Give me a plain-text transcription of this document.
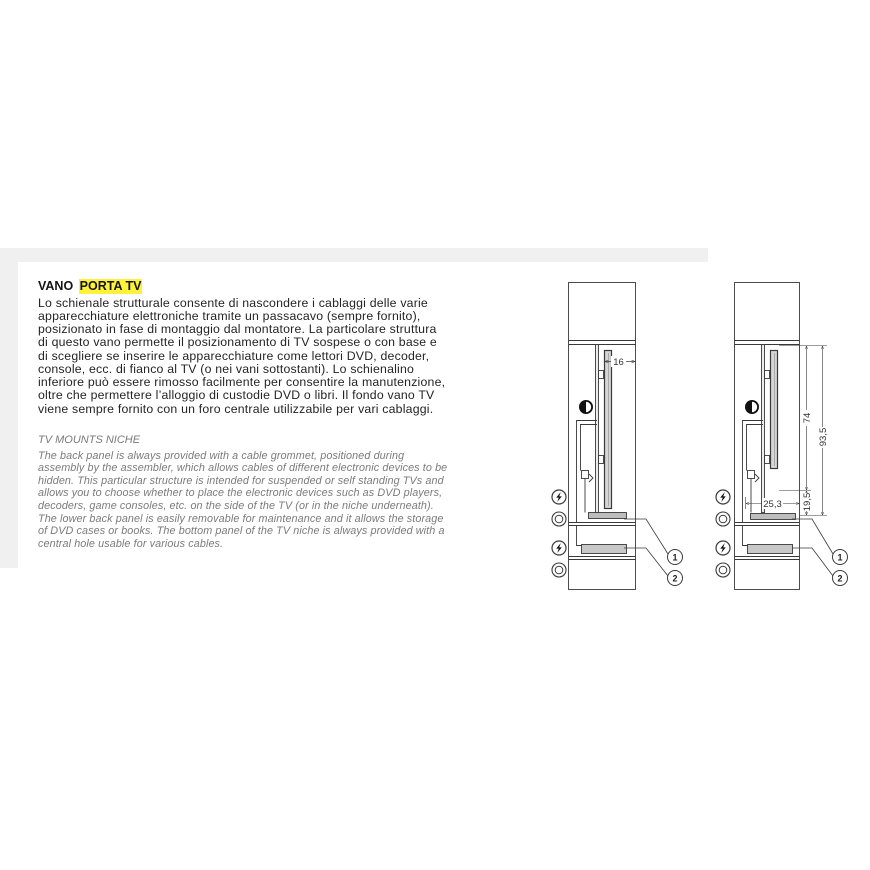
VANO PORTA TV
Lo schienale strutturale consente di nascondere i cablaggi delle varie
apparecchiature elettroniche tramite un passacavo (sempre fornito),
posizionato in fase di montaggio dal montatore. La particolare struttura
di questo vano permette il posizionamento di TV sospese o con base e
di scegliere se inserire le apparecchiature come lettori DVD, decoder,
console, ecc. di fianco al TV (o nei vani sottostanti). Lo schienalino
inferiore può essere rimosso facilmente per consentire la manutenzione,
oltre che permettere l’alloggio di custodie DVD o libri. Il fondo vano TV
viene sempre fornito con un foro centrale utilizzabile per vari cablaggi.
TV MOUNTS NICHE
The back panel is always provided with a cable grommet, positioned during
assembly by the assembler, which allows cables of different electronic devices to be
hidden. This particular structure is intended for suspended or self standing TVs and
allows you to choose whether to place the electronic devices such as DVD players,
decoders, game consoles, etc. on the side of the TV (or in the niche underneath).
The lower back panel is easily removable for maintenance and it allows the storage
of DVD cases or books. The bottom panel of the TV niche is always provided with a
central hole usable for various cables.
16
1
2
74
93,5
19,5
25,3
1
2
